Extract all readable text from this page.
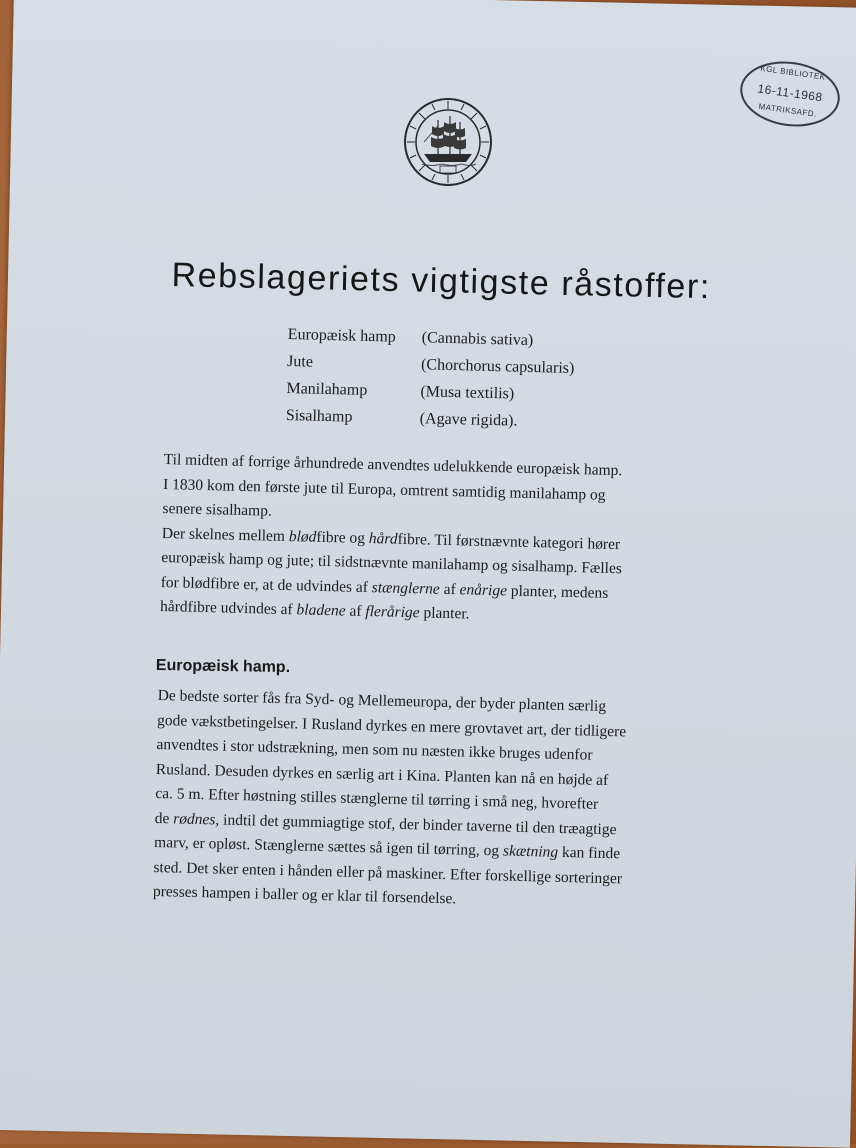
KGL BIBLIOTEK
16-11-1968
MATRIKSAFD.
Rebslageriets vigtigste råstoffer:
Europæisk hamp (Cannabis sativa)
Jute	(Chorchorus capsularis)
Manilahamp	(Musa textilis)
Sisalhamp	(Agave rigida).
Til midten af forrige århundrede anvendtes udelukkende europæisk hamp.
I 1830 kom den første jute til Europa, omtrent samtidig manilahamp og
senere sisalhamp.
Der skelnes mellem blødfibre og hårdfibre. Til førstnævnte kategori hører
europæisk hamp og jute; til sidstnævnte manilahamp og sisalhamp. Fælles
for blødfibre er, at de udvindes af stænglerne af enårige planter, medens
hårdfibre udvindes af bladene af flerårige planter.
Europæisk hamp.
De bedste sorter fås fra Syd- og Mellemeuropa, der byder planten særlig
gode vækstbetingelser. I Rusland dyrkes en mere grovtavet art, der tidligere
anvendtes i stor udstrækning, men som nu næsten ikke bruges udenfor
Rusland. Desuden dyrkes en særlig art i Kina. Planten kan nå en højde af
ca. 5 m. Efter høstning stilles stænglerne til tørring i små neg, hvorefter
de rødnes, indtil det gummiagtige stof, der binder taverne til den træagtige
marv, er opløst. Stænglerne sættes så igen til tørring, og skætning kan finde
sted. Det sker enten i hånden eller på maskiner. Efter forskellige sorteringer
presses hampen i baller og er klar til forsendelse.
